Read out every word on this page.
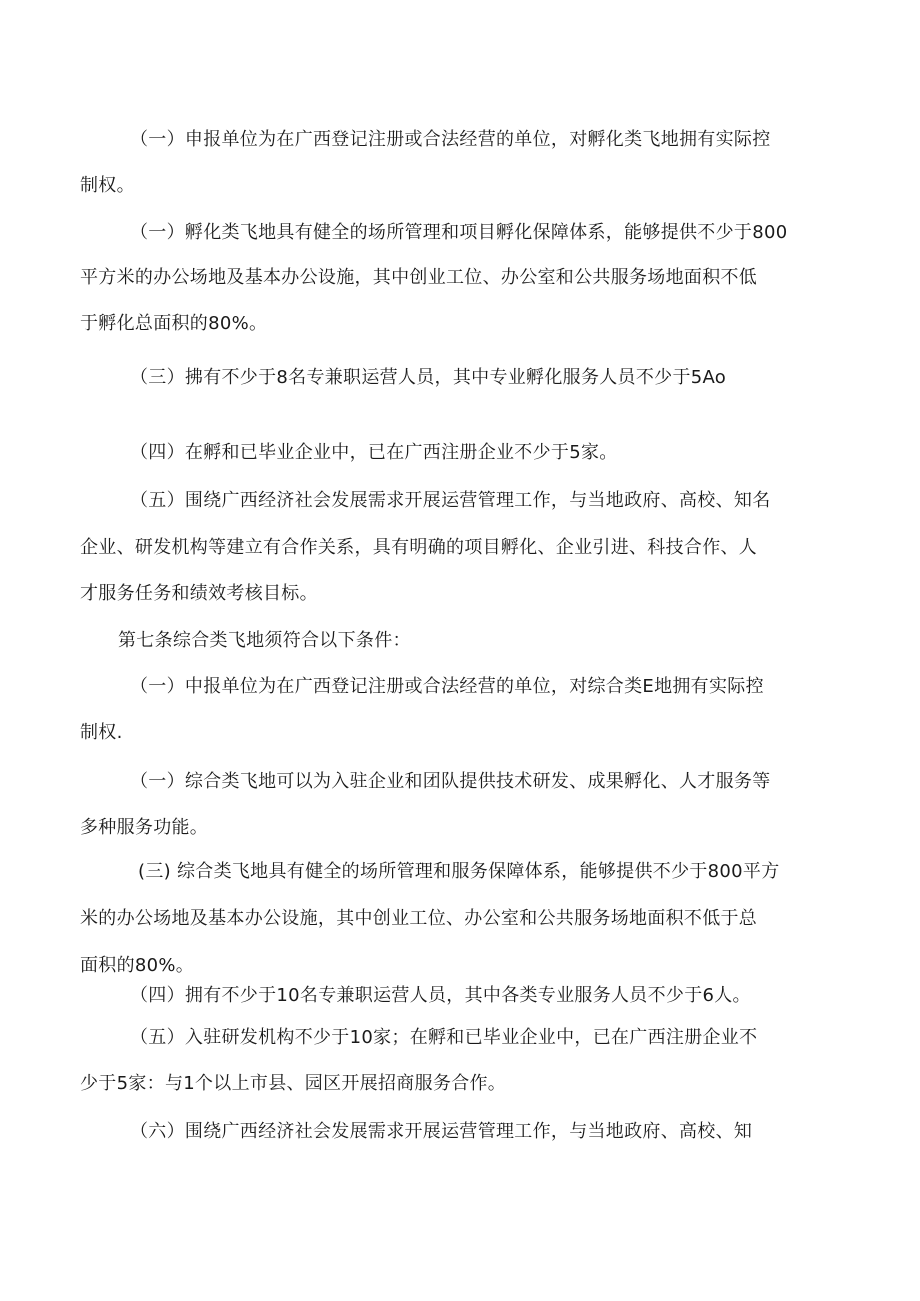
（一）申报单位为在广西登记注册或合法经营的单位，对孵化类飞地拥有实际控
制权。
（一）孵化类飞地具有健全的场所管理和项目孵化保障体系，能够提供不少于800
平方米的办公场地及基本办公设施，其中创业工位、办公室和公共服务场地面积不低
于孵化总面积的80%。
（三）拂有不少于8名专兼职运营人员，其中专业孵化服务人员不少于5Ao
（四）在孵和已毕业企业中，已在广西注册企业不少于5家。
（五）围绕广西经济社会发展需求开展运营管理工作，与当地政府、高校、知名
企业、研发机构等建立有合作关系，具有明确的项目孵化、企业引进、科技合作、人
才服务任务和绩效考核目标。
第七条综合类飞地须符合以下条件：
（一）中报单位为在广西登记注册或合法经营的单位，对综合类E地拥有实际控
制权.
（一）综合类飞地可以为入驻企业和团队提供技术研发、成果孵化、人才服务等
多种服务功能。
(三) 综合类飞地具有健全的场所管理和服务保障体系，能够提供不少于800平方
米的办公场地及基本办公设施，其中创业工位、办公室和公共服务场地面积不低于总
面积的80%。
（四）拥有不少于10名专兼职运营人员，其中各类专业服务人员不少于6人。
（五）入驻研发机构不少于10家；在孵和已毕业企业中，已在广西注册企业不
少于5家：与1个以上市县、园区开展招商服务合作。
（六）围绕广西经济社会发展需求开展运营管理工作，与当地政府、高校、知
